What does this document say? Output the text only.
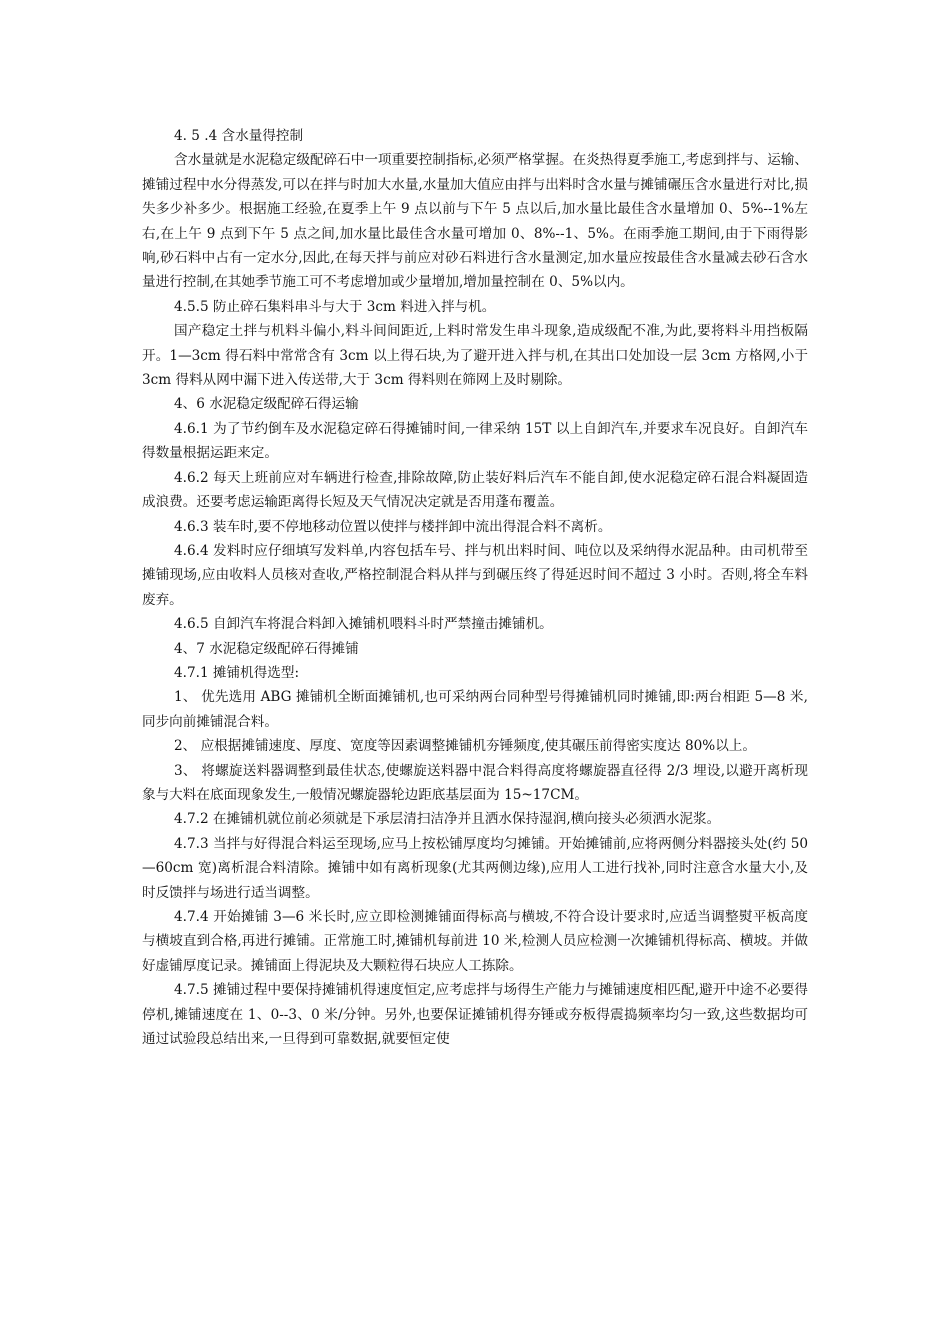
4. 5 .4 含水量得控制

含水量就是水泥稳定级配碎石中一项重要控制指标,必须严格掌握。在炎热得夏季施工,考虑到拌与、运输、摊铺过程中水分得蒸发,可以在拌与时加大水量,水量加大值应由拌与出料时含水量与摊铺碾压含水量进行对比,损失多少补多少。根据施工经验,在夏季上午 9 点以前与下午 5 点以后,加水量比最佳含水量增加 0、5%--1%左右,在上午 9 点到下午 5 点之间,加水量比最佳含水量可增加 0、8%--1、5%。在雨季施工期间,由于下雨得影响,砂石料中占有一定水分,因此,在每天拌与前应对砂石料进行含水量测定,加水量应按最佳含水量减去砂石含水量进行控制,在其她季节施工可不考虑增加或少量增加,增加量控制在 0、5%以内。

4.5.5 防止碎石集料串斗与大于 3cm 料进入拌与机。

国产稳定土拌与机料斗偏小,料斗间间距近,上料时常发生串斗现象,造成级配不准,为此,要将料斗用挡板隔开。1—3cm 得石料中常常含有 3cm 以上得石块,为了避开进入拌与机,在其出口处加设一层 3cm 方格网,小于 3cm 得料从网中漏下进入传送带,大于 3cm 得料则在筛网上及时剔除。

4、6 水泥稳定级配碎石得运输

4.6.1 为了节约倒车及水泥稳定碎石得摊铺时间,一律采纳 15T 以上自卸汽车,并要求车况良好。自卸汽车得数量根据运距来定。

4.6.2 每天上班前应对车辆进行检查,排除故障,防止装好料后汽车不能自卸,使水泥稳定碎石混合料凝固造成浪费。还要考虑运输距离得长短及天气情况决定就是否用蓬布覆盖。

4.6.3 装车时,要不停地移动位置以使拌与楼拌卸中流出得混合料不离析。

4.6.4 发料时应仔细填写发料单,内容包括车号、拌与机出料时间、吨位以及采纳得水泥品种。由司机带至摊铺现场,应由收料人员核对查收,严格控制混合料从拌与到碾压终了得延迟时间不超过 3 小时。否则,将全车料废弃。

4.6.5 自卸汽车将混合料卸入摊铺机喂料斗时严禁撞击摊铺机。

4、7 水泥稳定级配碎石得摊铺

4.7.1 摊铺机得选型:

1、 优先选用 ABG 摊铺机全断面摊铺机,也可采纳两台同种型号得摊铺机同时摊铺,即:两台相距 5—8 米,同步向前摊铺混合料。

2、 应根据摊铺速度、厚度、宽度等因素调整摊铺机夯锤频度,使其碾压前得密实度达 80%以上。

3、 将螺旋送料器调整到最佳状态,使螺旋送料器中混合料得高度将螺旋器直径得 2/3 埋设,以避开离析现象与大料在底面现象发生,一般情况螺旋器轮边距底基层面为 15~17CM。

4.7.2 在摊铺机就位前必须就是下承层清扫洁净并且洒水保持湿润,横向接头必须洒水泥浆。

4.7.3 当拌与好得混合料运至现场,应马上按松铺厚度均匀摊铺。开始摊铺前,应将两侧分料器接头处(约 50—60cm 宽)离析混合料清除。摊铺中如有离析现象(尤其两侧边缘),应用人工进行找补,同时注意含水量大小,及时反馈拌与场进行适当调整。

4.7.4 开始摊铺 3—6 米长时,应立即检测摊铺面得标高与横坡,不符合设计要求时,应适当调整熨平板高度与横坡直到合格,再进行摊铺。正常施工时,摊铺机每前进 10 米,检测人员应检测一次摊铺机得标高、横坡。并做好虚铺厚度记录。摊铺面上得泥块及大颗粒得石块应人工拣除。

4.7.5 摊铺过程中要保持摊铺机得速度恒定,应考虑拌与场得生产能力与摊铺速度相匹配,避开中途不必要得停机,摊铺速度在 1、0--3、0 米/分钟。另外,也要保证摊铺机得夯锤或夯板得震捣频率均匀一致,这些数据均可通过试验段总结出来,一旦得到可靠数据,就要恒定使
